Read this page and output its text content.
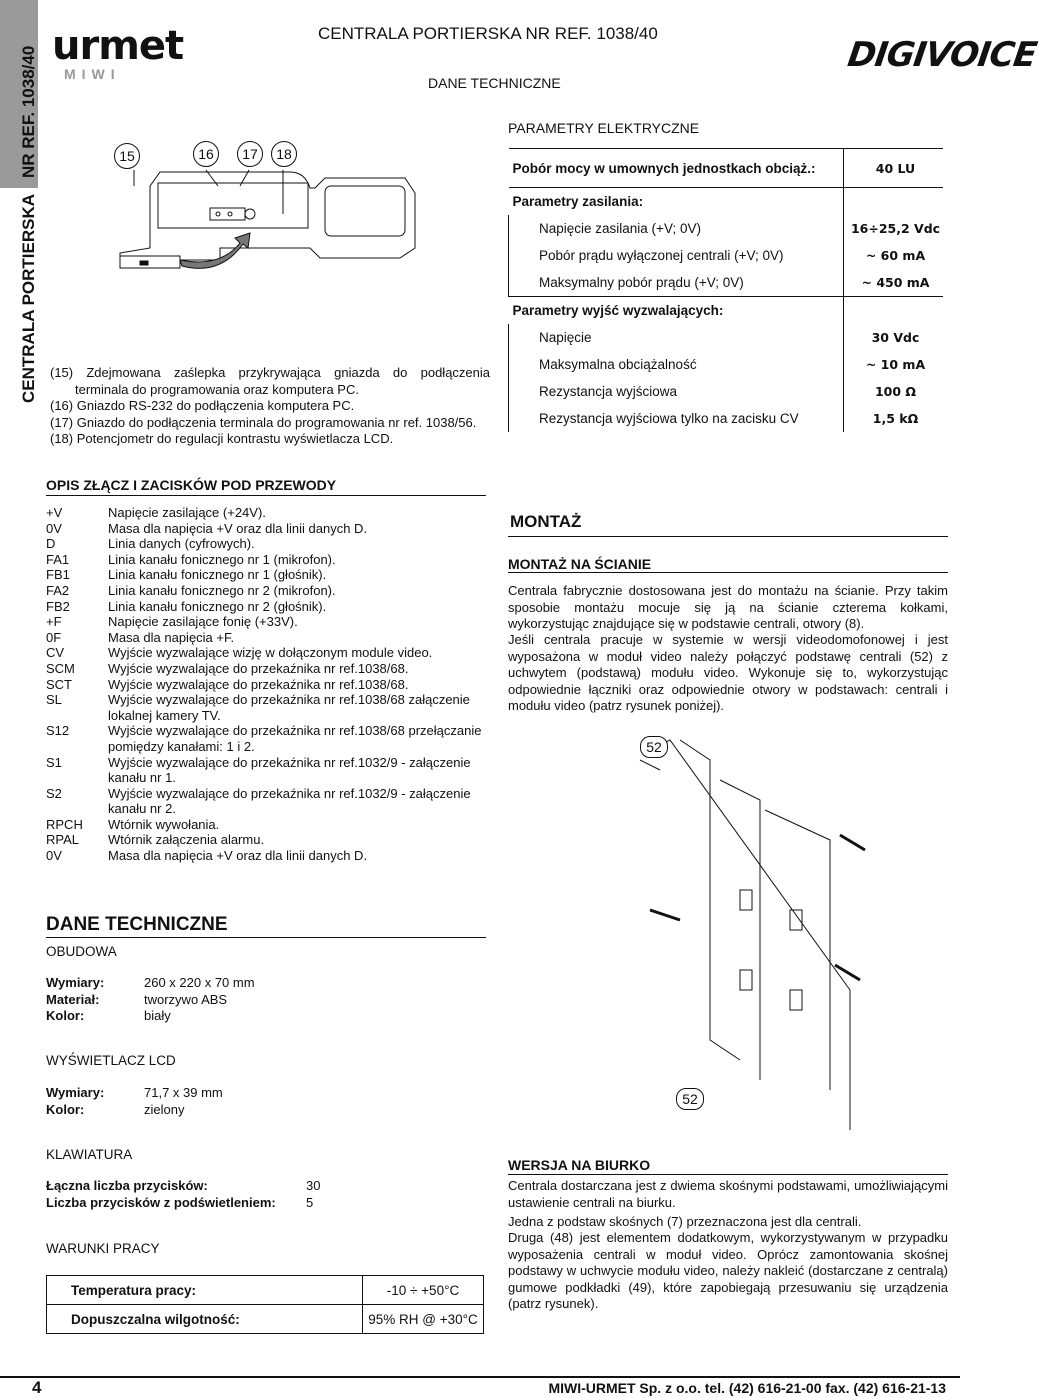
NR REF. 1038/40
CENTRALA PORTIERSKA
urmet
MIWI	DIGIVOICE
CENTRALA PORTIERSKA NR REF. 1038/40
DANE TECHNICZNE
15	16	17	18
(15) Zdejmowana zaślepka przykrywająca gniazda do podłączenia
terminala do programowania oraz komputera PC.
(16) Gniazdo RS-232 do podłączenia komputera PC.
(17) Gniazdo do podłączenia terminala do programowania nr ref. 1038/56.
(18) Potencjometr do regulacji kontrastu wyświetlacza LCD.
PARAMETRY ELEKTRYCZNE
Pobór mocy w umownych jednostkach obciąż.:	40 LU
Parametry zasilania:	
Napięcie zasilania (+V; 0V)	16÷25,2 Vdc
Pobór prądu wyłączonej centrali (+V; 0V)	~ 60 mA
Maksymalny pobór prądu (+V; 0V)	~ 450 mA
Parametry wyjść wyzwalających:	
Napięcie	30 Vdc
Maksymalna obciążalność	~ 10 mA
Rezystancja wyjściowa	100 Ω
Rezystancja wyjściowa tylko na zacisku CV	1,5 kΩ
OPIS ZŁĄCZ I ZACISKÓW POD PRZEWODY
+V	Napięcie zasilające (+24V).
0V	Masa dla napięcia +V oraz dla linii danych D.
D	Linia danych (cyfrowych).
FA1	Linia kanału fonicznego nr 1 (mikrofon).
FB1	Linia kanału fonicznego nr 1 (głośnik).
FA2	Linia kanału fonicznego nr 2 (mikrofon).
FB2	Linia kanału fonicznego nr 2 (głośnik).
+F	Napięcie zasilające fonię (+33V).
0F	Masa dla napięcia +F.
CV	Wyjście wyzwalające wizję w dołączonym module video.
SCM	Wyjście wyzwalające do przekaźnika nr ref.1038/68.
SCT	Wyjście wyzwalające do przekaźnika nr ref.1038/68.
SL	Wyjście wyzwalające do przekaźnika nr ref.1038/68 załączenie lokalnej kamery TV.
S12	Wyjście wyzwalające do przekaźnika nr ref.1038/68 przełączanie pomiędzy kanałami: 1 i 2.
S1	Wyjście wyzwalające do przekaźnika nr ref.1032/9 - załączenie kanału nr 1.
S2	Wyjście wyzwalające do przekaźnika nr ref.1032/9 - załączenie kanału nr 2.
RPCH	Wtórnik wywołania.
RPAL	Wtórnik załączenia alarmu.
0V	Masa dla napięcia +V oraz dla linii danych D.
MONTAŻ
MONTAŻ NA ŚCIANIE
Centrala fabrycznie dostosowana jest do montażu na ścianie. Przy takim sposobie montażu mocuje się ją na ścianie czterema kołkami, wykorzystując znajdujące się w podstawie centrali, otwory (8).
Jeśli centrala pracuje w systemie w wersji videodomofonowej i jest wyposażona w moduł video należy połączyć podstawę centrali (52) z uchwytem (podstawą) modułu video. Wykonuje się to, wykorzystując odpowiednie łączniki oraz odpowiednie otwory w podstawach: centrali i modułu video (patrz rysunek poniżej).
52
52
WERSJA NA BIURKO
Centrala dostarczana jest z dwiema skośnymi podstawami, umożliwiającymi ustawienie centrali na biurku.
Jedna z podstaw skośnych (7) przeznaczona jest dla centrali.
Druga (48) jest elementem dodatkowym, wykorzystywanym w przypadku wyposażenia centrali w moduł video. Oprócz zamontowania skośnej podstawy w uchwycie modułu video, należy nakleić (dostarczane z centralą) gumowe podkładki (49), które zapobiegają przesuwaniu się urządzenia (patrz rysunek).
DANE TECHNICZNE
OBUDOWA
Wymiary:	260 x 220 x 70 mm
Materiał:	tworzywo ABS
Kolor:	biały
WYŚWIETLACZ LCD
Wymiary:	71,7 x 39 mm
Kolor:	zielony
KLAWIATURA
Łączna liczba przycisków:	30
Liczba przycisków z podświetleniem: 5
WARUNKI PRACY
Temperatura pracy:	-10 ÷ +50°C
Dopuszczalna wilgotność:	95% RH @ +30°C
4	MIWI-URMET Sp. z o.o. tel. (42) 616-21-00 fax. (42) 616-21-13
